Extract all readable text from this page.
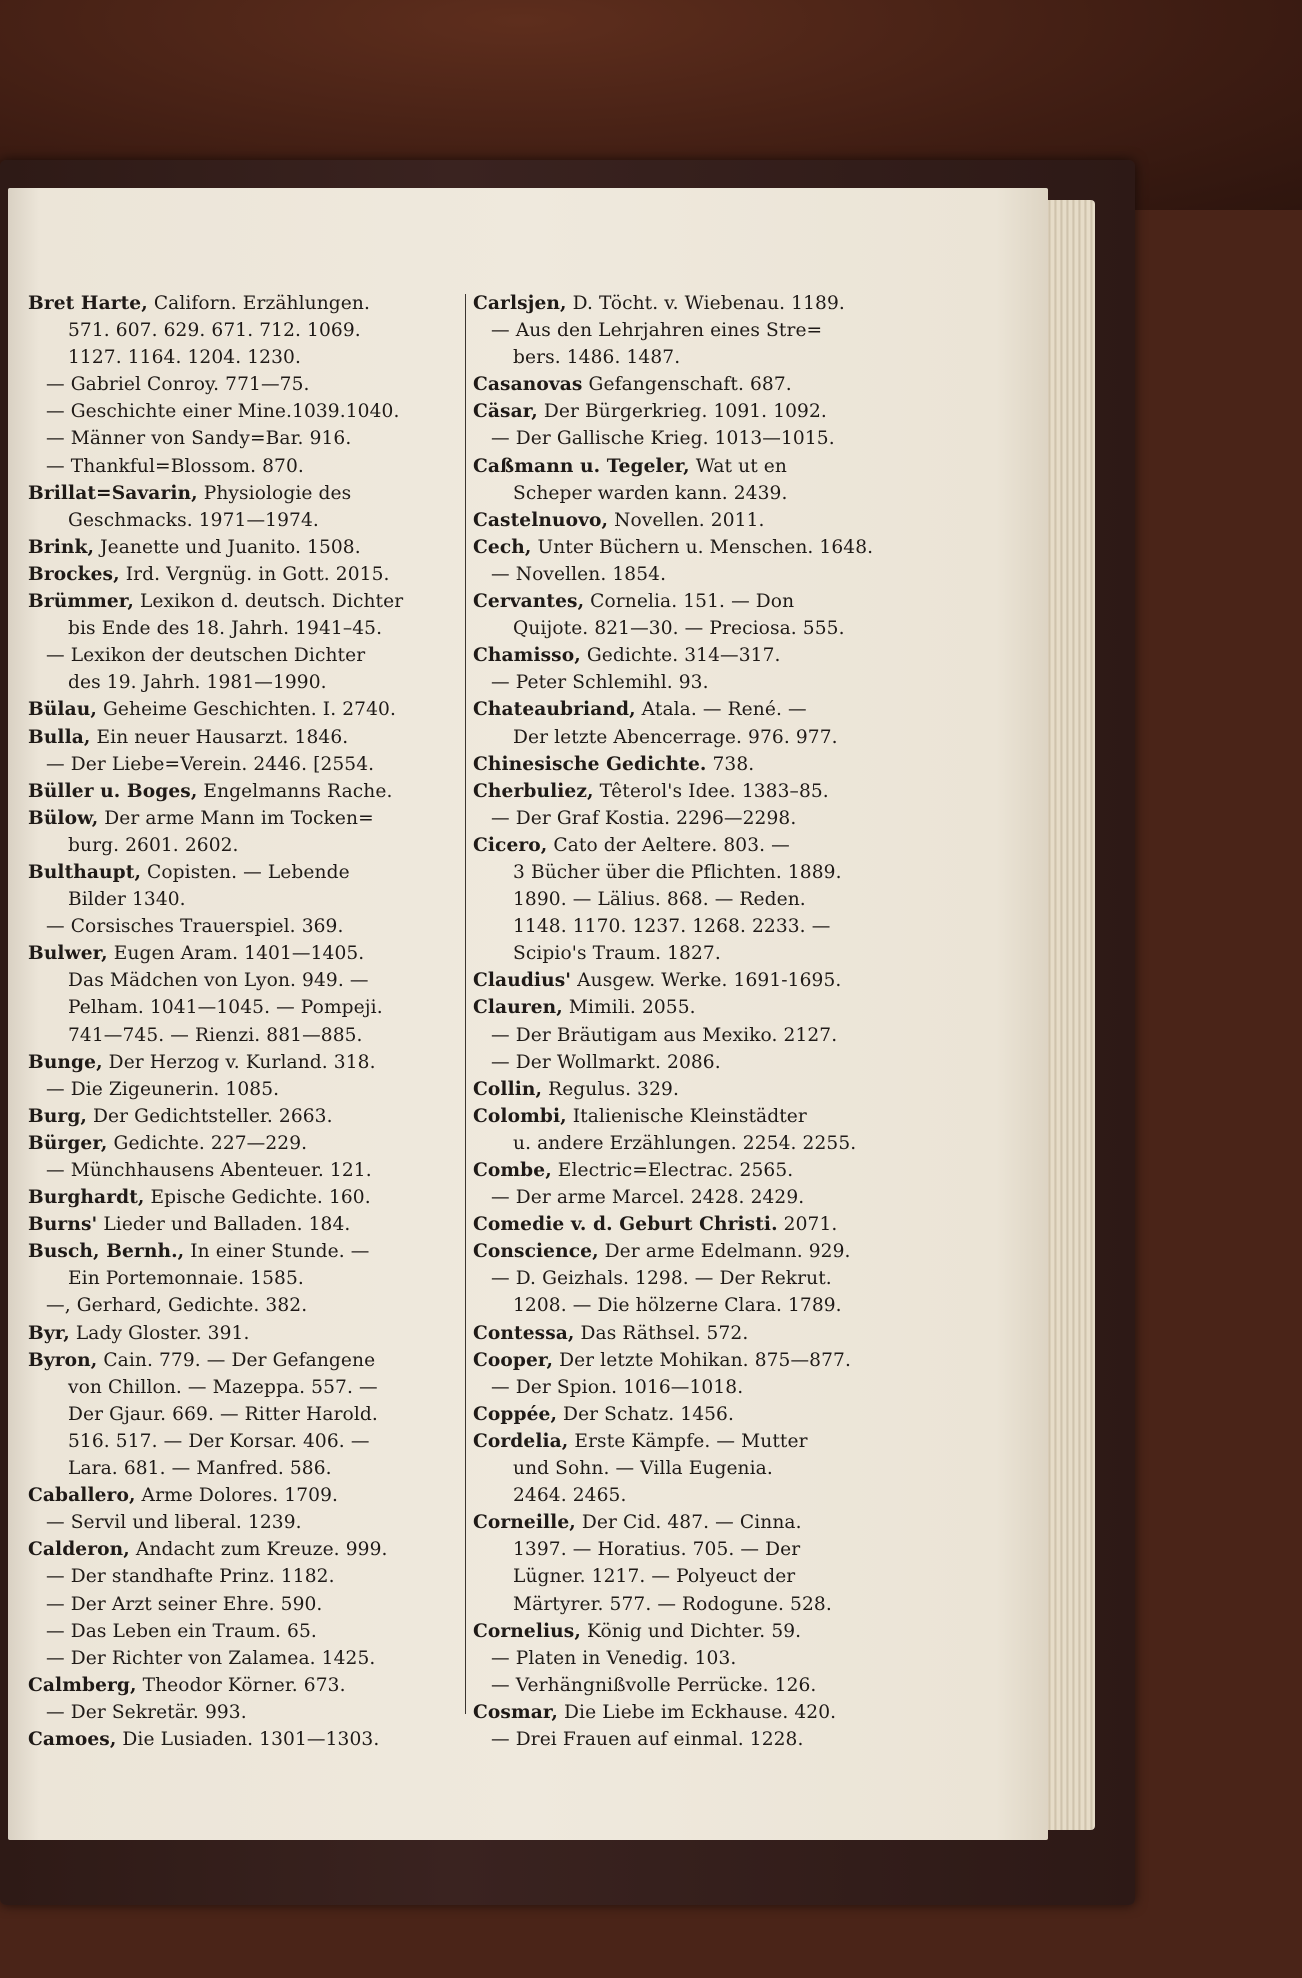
Bret Harte, Californ. Erzählungen.
571. 607. 629. 671. 712. 1069.
1127. 1164. 1204. 1230.
— Gabriel Conroy. 771—75.
— Geschichte einer Mine.1039.1040.
— Männer von Sandy=Bar. 916.
— Thankful=Blossom. 870.
Brillat=Savarin, Physiologie des
Geschmacks. 1971—1974.
Brink, Jeanette und Juanito. 1508.
Brockes, Ird. Vergnüg. in Gott. 2015.
Brümmer, Lexikon d. deutsch. Dichter
bis Ende des 18. Jahrh. 1941–45.
— Lexikon der deutschen Dichter
des 19. Jahrh. 1981—1990.
Bülau, Geheime Geschichten. I. 2740.
Bulla, Ein neuer Hausarzt. 1846.
— Der Liebe=Verein. 2446. [2554.
Büller u. Boges, Engelmanns Rache.
Bülow, Der arme Mann im Tocken=
burg. 2601. 2602.
Bulthaupt, Copisten. — Lebende
Bilder 1340.
— Corsisches Trauerspiel. 369.
Bulwer, Eugen Aram. 1401—1405.
Das Mädchen von Lyon. 949. —
Pelham. 1041—1045. — Pompeji.
741—745. — Rienzi. 881—885.
Bunge, Der Herzog v. Kurland. 318.
— Die Zigeunerin. 1085.
Burg, Der Gedichtsteller. 2663.
Bürger, Gedichte. 227—229.
— Münchhausens Abenteuer. 121.
Burghardt, Epische Gedichte. 160.
Burns' Lieder und Balladen. 184.
Busch, Bernh., In einer Stunde. —
Ein Portemonnaie. 1585.
—, Gerhard, Gedichte. 382.
Byr, Lady Gloster. 391.
Byron, Cain. 779. — Der Gefangene
von Chillon. — Mazeppa. 557. —
Der Gjaur. 669. — Ritter Harold.
516. 517. — Der Korsar. 406. —
Lara. 681. — Manfred. 586.
Caballero, Arme Dolores. 1709.
— Servil und liberal. 1239.
Calderon, Andacht zum Kreuze. 999.
— Der standhafte Prinz. 1182.
— Der Arzt seiner Ehre. 590.
— Das Leben ein Traum. 65.
— Der Richter von Zalamea. 1425.
Calmberg, Theodor Körner. 673.
— Der Sekretär. 993.
Camoes, Die Lusiaden. 1301—1303.
Carlsjen, D. Töcht. v. Wiebenau. 1189.
— Aus den Lehrjahren eines Stre=
bers. 1486. 1487.
Casanovas Gefangenschaft. 687.
Cäsar, Der Bürgerkrieg. 1091. 1092.
— Der Gallische Krieg. 1013—1015.
Caßmann u. Tegeler, Wat ut en
Scheper warden kann. 2439.
Castelnuovo, Novellen. 2011.
Cech, Unter Büchern u. Menschen. 1648.
— Novellen. 1854.
Cervantes, Cornelia. 151. — Don
Quijote. 821—30. — Preciosa. 555.
Chamisso, Gedichte. 314—317.
— Peter Schlemihl. 93.
Chateaubriand, Atala. — René. —
Der letzte Abencerrage. 976. 977.
Chinesische Gedichte. 738.
Cherbuliez, Têterol's Idee. 1383–85.
— Der Graf Kostia. 2296—2298.
Cicero, Cato der Aeltere. 803. —
3 Bücher über die Pflichten. 1889.
1890. — Lälius. 868. — Reden.
1148. 1170. 1237. 1268. 2233. —
Scipio's Traum. 1827.
Claudius' Ausgew. Werke. 1691-1695.
Clauren, Mimili. 2055.
— Der Bräutigam aus Mexiko. 2127.
— Der Wollmarkt. 2086.
Collin, Regulus. 329.
Colombi, Italienische Kleinstädter
u. andere Erzählungen. 2254. 2255.
Combe, Electric=Electrac. 2565.
— Der arme Marcel. 2428. 2429.
Comedie v. d. Geburt Christi. 2071.
Conscience, Der arme Edelmann. 929.
— D. Geizhals. 1298. — Der Rekrut.
1208. — Die hölzerne Clara. 1789.
Contessa, Das Räthsel. 572.
Cooper, Der letzte Mohikan. 875—877.
— Der Spion. 1016—1018.
Coppée, Der Schatz. 1456.
Cordelia, Erste Kämpfe. — Mutter
und Sohn. — Villa Eugenia.
2464. 2465.
Corneille, Der Cid. 487. — Cinna.
1397. — Horatius. 705. — Der
Lügner. 1217. — Polyeuct der
Märtyrer. 577. — Rodogune. 528.
Cornelius, König und Dichter. 59.
— Platen in Venedig. 103.
— Verhängnißvolle Perrücke. 126.
Cosmar, Die Liebe im Eckhause. 420.
— Drei Frauen auf einmal. 1228.
